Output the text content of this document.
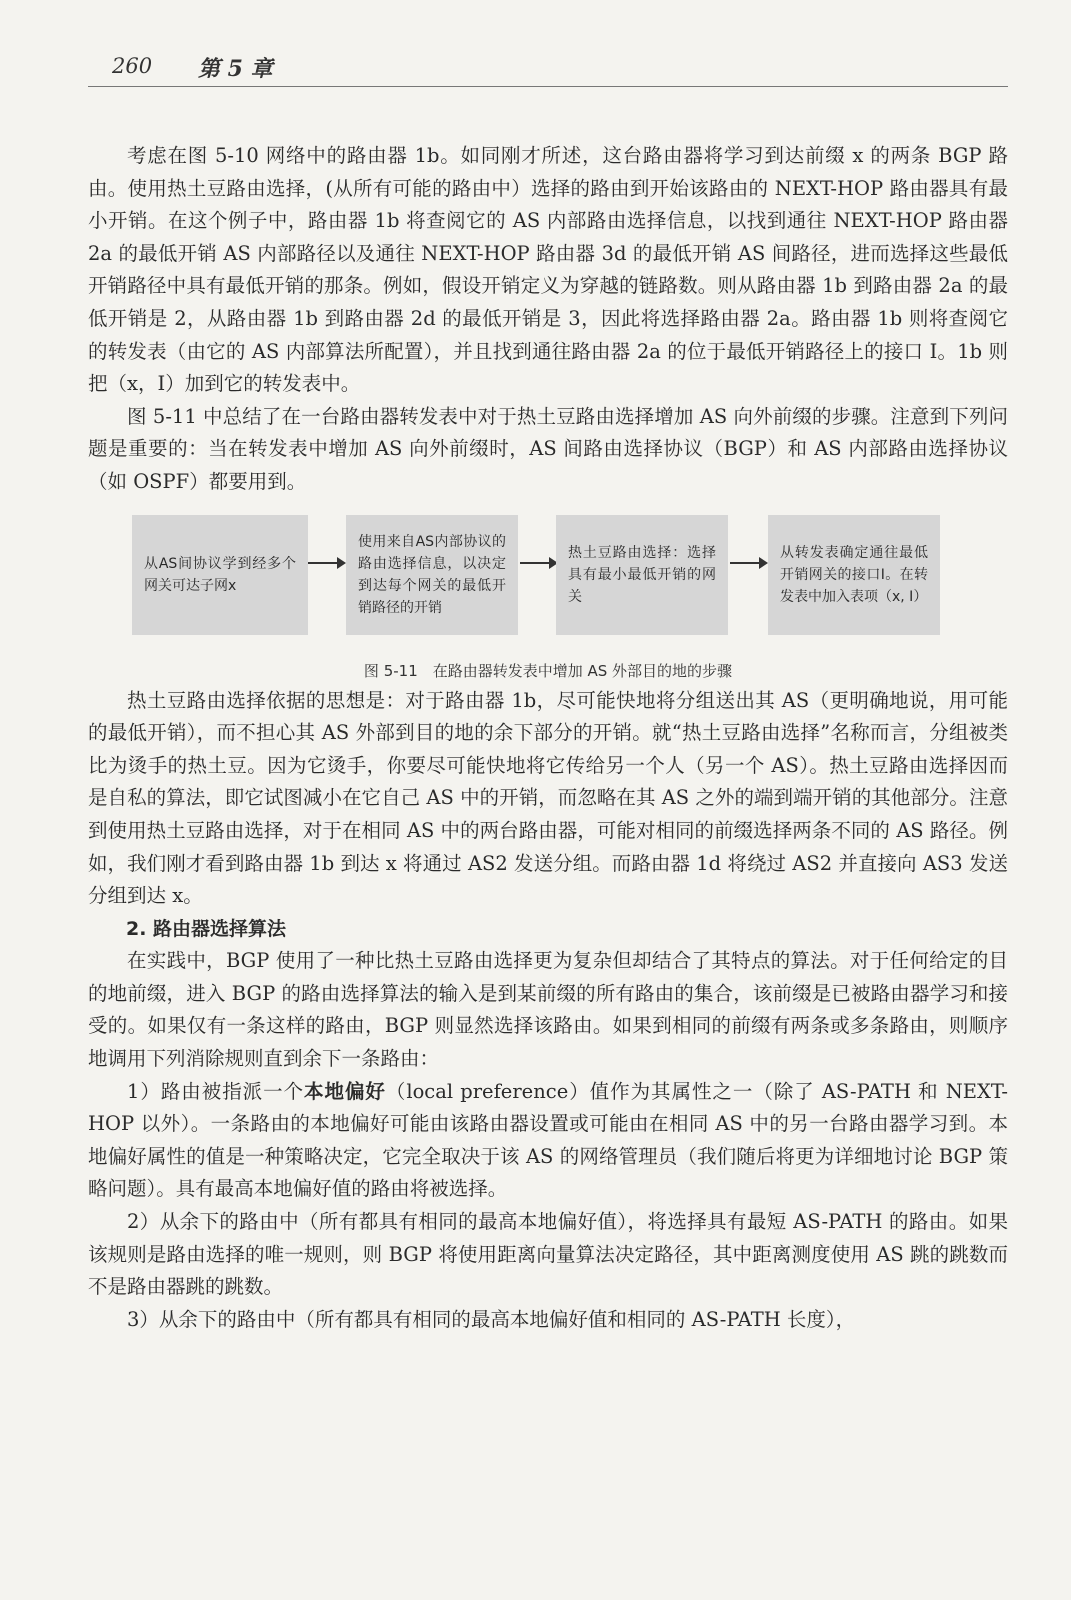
260 第 5 章

考虑在图 5-10 网络中的路由器 1b。如同刚才所述，这台路由器将学习到达前缀 x 的两条 BGP 路由。使用热土豆路由选择，(从所有可能的路由中）选择的路由到开始该路由的 NEXT-HOP 路由器具有最小开销。在这个例子中，路由器 1b 将查阅它的 AS 内部路由选择信息，以找到通往 NEXT-HOP 路由器 2a 的最低开销 AS 内部路径以及通往 NEXT-HOP 路由器 3d 的最低开销 AS 间路径，进而选择这些最低开销路径中具有最低开销的那条。例如，假设开销定义为穿越的链路数。则从路由器 1b 到路由器 2a 的最低开销是 2，从路由器 1b 到路由器 2d 的最低开销是 3，因此将选择路由器 2a。路由器 1b 则将查阅它的转发表（由它的 AS 内部算法所配置），并且找到通往路由器 2a 的位于最低开销路径上的接口 I。1b 则把（x，I）加到它的转发表中。

图 5-11 中总结了在一台路由器转发表中对于热土豆路由选择增加 AS 向外前缀的步骤。注意到下列问题是重要的：当在转发表中增加 AS 向外前缀时，AS 间路由选择协议（BGP）和 AS 内部路由选择协议（如 OSPF）都要用到。

从AS间协议学到经多个网关可达子网x
使用来自AS内部协议的路由选择信息，以决定到达每个网关的最低开销路径的开销
热土豆路由选择：选择具有最小最低开销的网关
从转发表确定通往最低开销网关的接口I。在转发表中加入表项（x, I）
图 5-11　在路由器转发表中增加 AS 外部目的地的步骤

热土豆路由选择依据的思想是：对于路由器 1b，尽可能快地将分组送出其 AS（更明确地说，用可能的最低开销），而不担心其 AS 外部到目的地的余下部分的开销。就“热土豆路由选择”名称而言，分组被类比为烫手的热土豆。因为它烫手，你要尽可能快地将它传给另一个人（另一个 AS）。热土豆路由选择因而是自私的算法，即它试图减小在它自己 AS 中的开销，而忽略在其 AS 之外的端到端开销的其他部分。注意到使用热土豆路由选择，对于在相同 AS 中的两台路由器，可能对相同的前缀选择两条不同的 AS 路径。例如，我们刚才看到路由器 1b 到达 x 将通过 AS2 发送分组。而路由器 1d 将绕过 AS2 并直接向 AS3 发送分组到达 x。

2. 路由器选择算法

在实践中，BGP 使用了一种比热土豆路由选择更为复杂但却结合了其特点的算法。对于任何给定的目的地前缀，进入 BGP 的路由选择算法的输入是到某前缀的所有路由的集合，该前缀是已被路由器学习和接受的。如果仅有一条这样的路由，BGP 则显然选择该路由。如果到相同的前缀有两条或多条路由，则顺序地调用下列消除规则直到余下一条路由：

1）路由被指派一个本地偏好（local preference）值作为其属性之一（除了 AS-PATH 和 NEXT-HOP 以外）。一条路由的本地偏好可能由该路由器设置或可能由在相同 AS 中的另一台路由器学习到。本地偏好属性的值是一种策略决定，它完全取决于该 AS 的网络管理员（我们随后将更为详细地讨论 BGP 策略问题）。具有最高本地偏好值的路由将被选择。

2）从余下的路由中（所有都具有相同的最高本地偏好值），将选择具有最短 AS-PATH 的路由。如果该规则是路由选择的唯一规则，则 BGP 将使用距离向量算法决定路径，其中距离测度使用 AS 跳的跳数而不是路由器跳的跳数。

3）从余下的路由中（所有都具有相同的最高本地偏好值和相同的 AS-PATH 长度），
